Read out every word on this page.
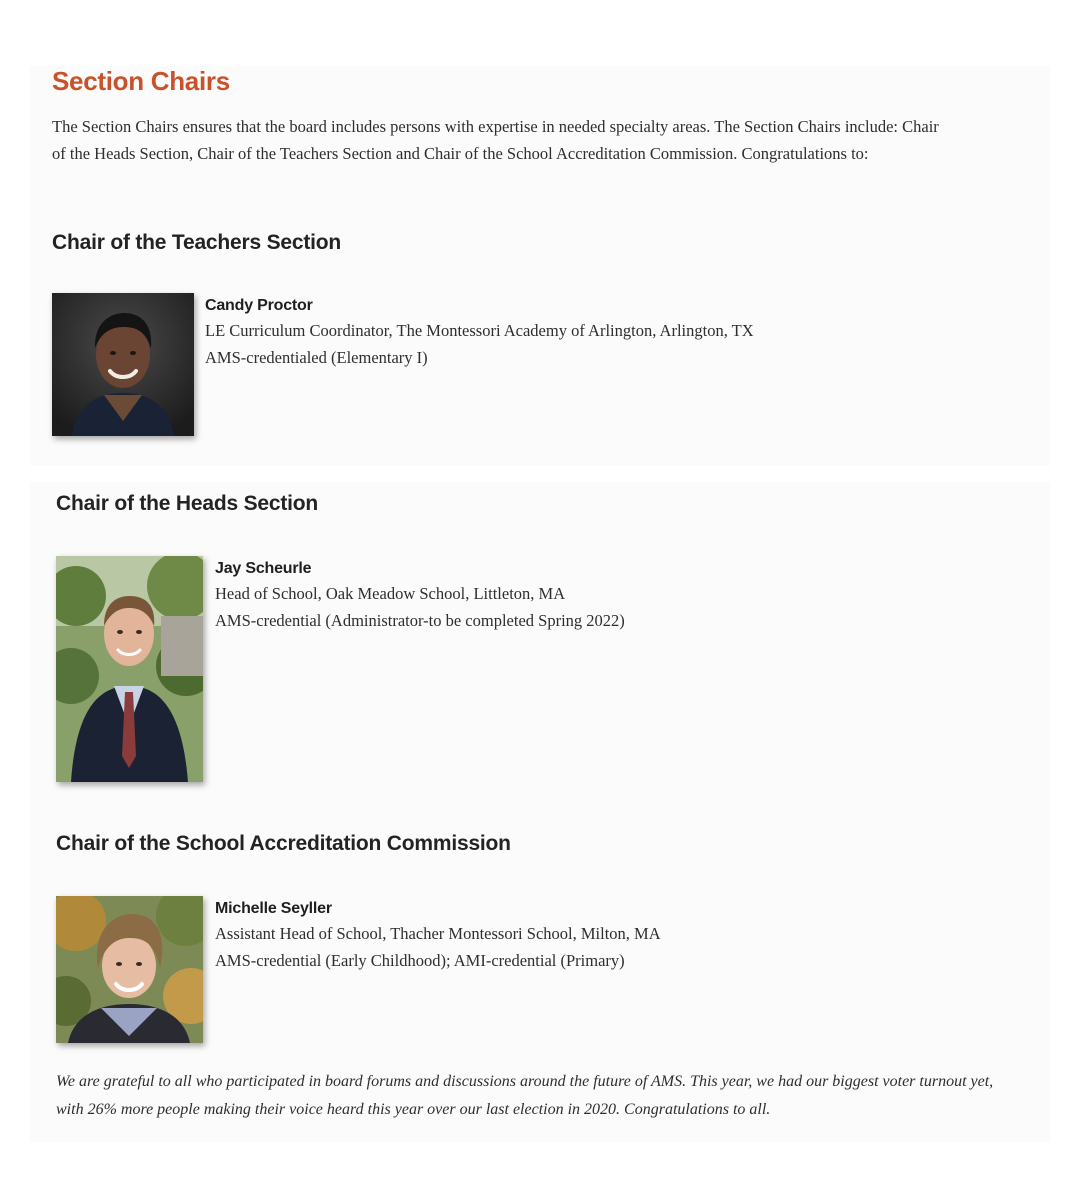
Section Chairs

The Section Chairs ensures that the board includes persons with expertise in needed specialty areas. The Section Chairs include: Chair of the Heads Section, Chair of the Teachers Section and Chair of the School Accreditation Commission. Congratulations to:

Chair of the Teachers Section
Candy Proctor
LE Curriculum Coordinator, The Montessori Academy of Arlington, Arlington, TX
AMS-credentialed (Elementary I)
Chair of the Heads Section
Jay Scheurle
Head of School, Oak Meadow School, Littleton, MA
AMS-credential (Administrator-to be completed Spring 2022)
Chair of the School Accreditation Commission
Michelle Seyller
Assistant Head of School, Thacher Montessori School, Milton, MA
AMS-credential (Early Childhood); AMI-credential (Primary)

We are grateful to all who participated in board forums and discussions around the future of AMS. This year, we had our biggest voter turnout yet, with 26% more people making their voice heard this year over our last election in 2020. Congratulations to all.
